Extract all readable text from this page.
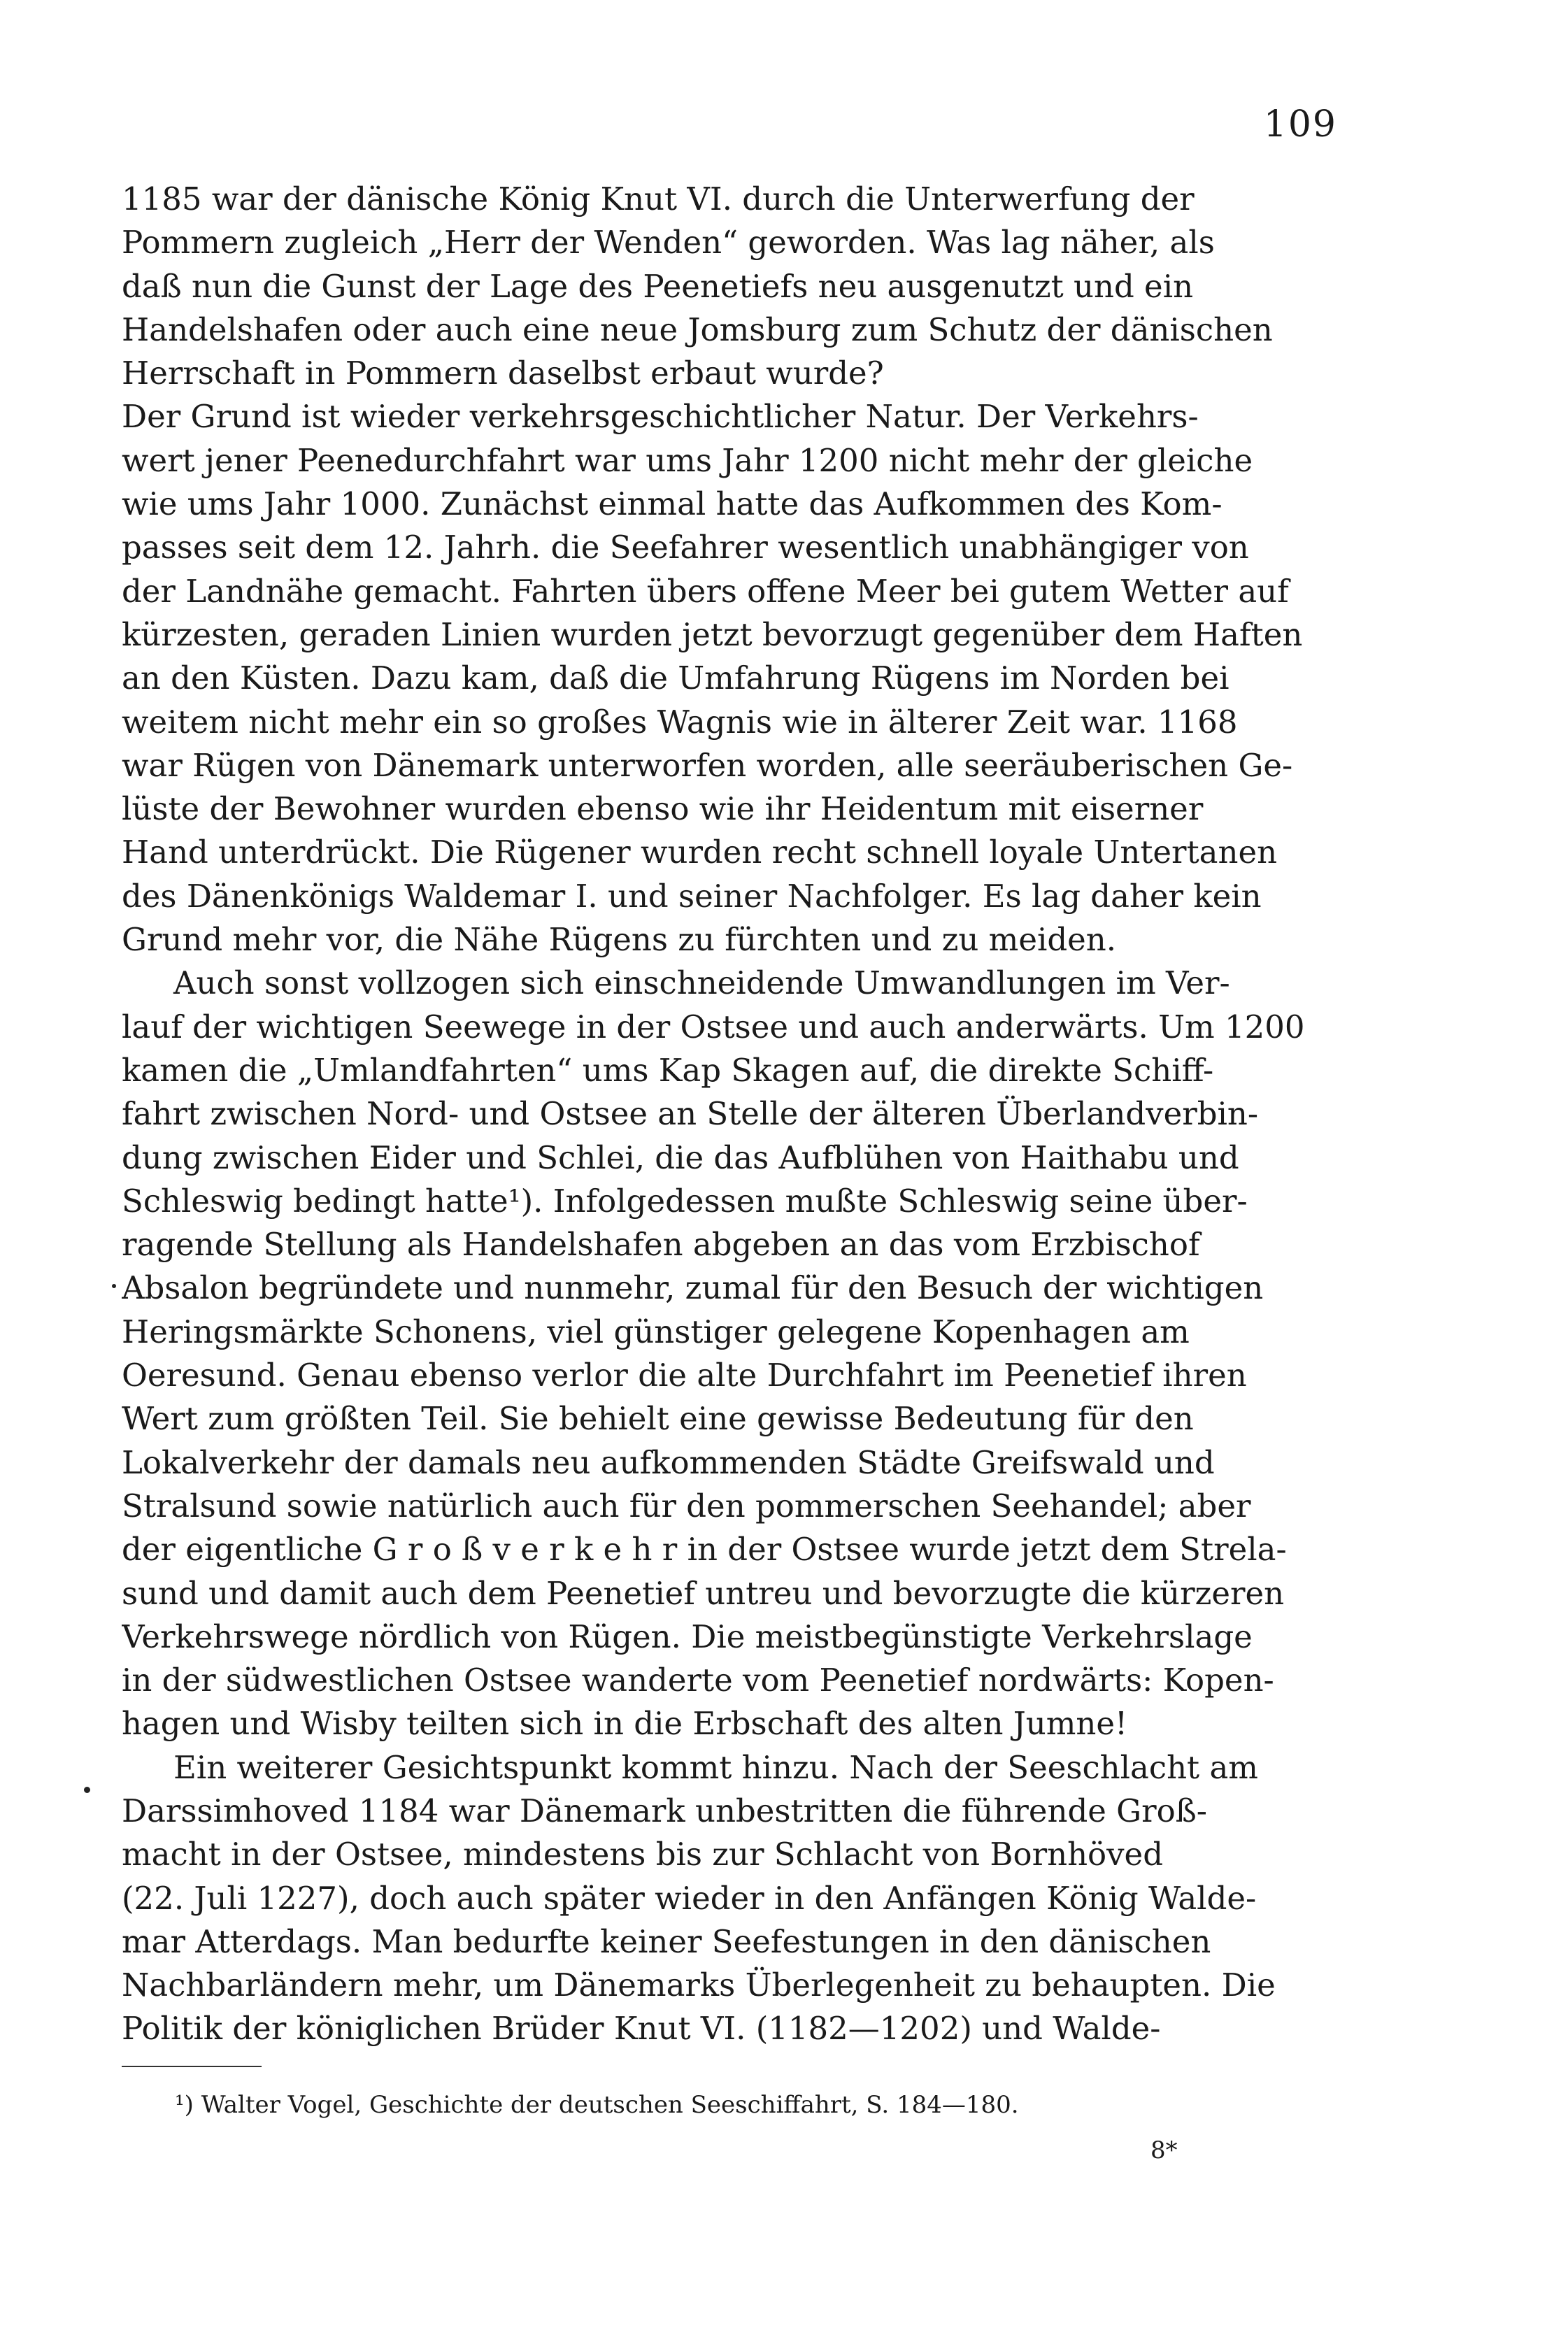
109
1185 war der dänische König Knut VI. durch die Unterwerfung der
Pommern zugleich „Herr der Wenden“ geworden. Was lag näher, als
daß nun die Gunst der Lage des Peenetiefs neu ausgenutzt und ein
Handelshafen oder auch eine neue Jomsburg zum Schutz der dänischen
Herrschaft in Pommern daselbst erbaut wurde?
Der Grund ist wieder verkehrsgeschichtlicher Natur. Der Verkehrs-
wert jener Peenedurchfahrt war ums Jahr 1200 nicht mehr der gleiche
wie ums Jahr 1000. Zunächst einmal hatte das Aufkommen des Kom-
passes seit dem 12. Jahrh. die Seefahrer wesentlich unabhängiger von
der Landnähe gemacht. Fahrten übers offene Meer bei gutem Wetter auf
kürzesten, geraden Linien wurden jetzt bevorzugt gegenüber dem Haften
an den Küsten. Dazu kam, daß die Umfahrung Rügens im Norden bei
weitem nicht mehr ein so großes Wagnis wie in älterer Zeit war. 1168
war Rügen von Dänemark unterworfen worden, alle seeräuberischen Ge-
lüste der Bewohner wurden ebenso wie ihr Heidentum mit eiserner
Hand unterdrückt. Die Rügener wurden recht schnell loyale Untertanen
des Dänenkönigs Waldemar I. und seiner Nachfolger. Es lag daher kein
Grund mehr vor, die Nähe Rügens zu fürchten und zu meiden.
Auch sonst vollzogen sich einschneidende Umwandlungen im Ver-
lauf der wichtigen Seewege in der Ostsee und auch anderwärts. Um 1200
kamen die „Umlandfahrten“ ums Kap Skagen auf, die direkte Schiff-
fahrt zwischen Nord- und Ostsee an Stelle der älteren Überlandverbin-
dung zwischen Eider und Schlei, die das Aufblühen von Haithabu und
Schleswig bedingt hatte¹). Infolgedessen mußte Schleswig seine über-
ragende Stellung als Handelshafen abgeben an das vom Erzbischof
Absalon begründete und nunmehr, zumal für den Besuch der wichtigen
Heringsmärkte Schonens, viel günstiger gelegene Kopenhagen am
Oeresund. Genau ebenso verlor die alte Durchfahrt im Peenetief ihren
Wert zum größten Teil. Sie behielt eine gewisse Bedeutung für den
Lokalverkehr der damals neu aufkommenden Städte Greifswald und
Stralsund sowie natürlich auch für den pommerschen Seehandel; aber
der eigentliche G r o ß v e r k e h r in der Ostsee wurde jetzt dem Strela-
sund und damit auch dem Peenetief untreu und bevorzugte die kürzeren
Verkehrswege nördlich von Rügen. Die meistbegünstigte Verkehrslage
in der südwestlichen Ostsee wanderte vom Peenetief nordwärts: Kopen-
hagen und Wisby teilten sich in die Erbschaft des alten Jumne!
Ein weiterer Gesichtspunkt kommt hinzu. Nach der Seeschlacht am
Darssimhoved 1184 war Dänemark unbestritten die führende Groß-
macht in der Ostsee, mindestens bis zur Schlacht von Bornhöved
(22. Juli 1227), doch auch später wieder in den Anfängen König Walde-
mar Atterdags. Man bedurfte keiner Seefestungen in den dänischen
Nachbarländern mehr, um Dänemarks Überlegenheit zu behaupten. Die
Politik der königlichen Brüder Knut VI. (1182—1202) und Walde-
¹) Walter Vogel, Geschichte der deutschen Seeschiffahrt, S. 184—180.
8*
